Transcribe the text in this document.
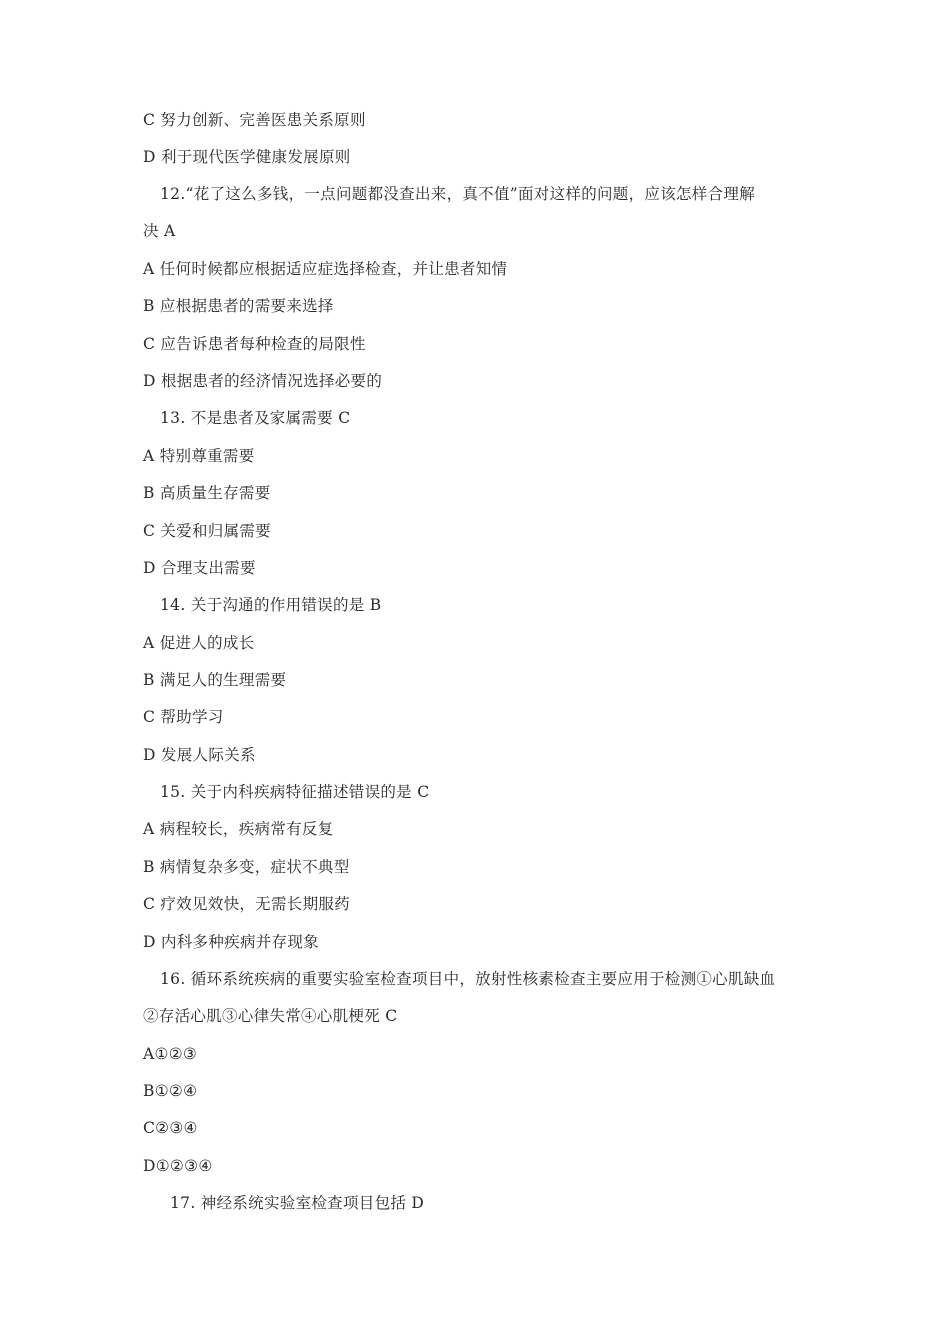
C 努力创新、完善医患关系原则
D 利于现代医学健康发展原则
12.“花了这么多钱，一点问题都没查出来，真不值”面对这样的问题，应该怎样合理解
决 A
A 任何时候都应根据适应症选择检查，并让患者知情
B 应根据患者的需要来选择
C 应告诉患者每种检查的局限性
D 根据患者的经济情况选择必要的
13. 不是患者及家属需要 C
A 特别尊重需要
B 高质量生存需要
C 关爱和归属需要
D 合理支出需要
14. 关于沟通的作用错误的是 B
A 促进人的成长
B 满足人的生理需要
C 帮助学习
D 发展人际关系
15. 关于内科疾病特征描述错误的是 C
A 病程较长，疾病常有反复
B 病情复杂多变，症状不典型
C 疗效见效快，无需长期服药
D 内科多种疾病并存现象
16. 循环系统疾病的重要实验室检查项目中，放射性核素检查主要应用于检测①心肌缺血
②存活心肌③心律失常④心肌梗死 C
A①②③
B①②④
C②③④
D①②③④
17. 神经系统实验室检查项目包括 D
